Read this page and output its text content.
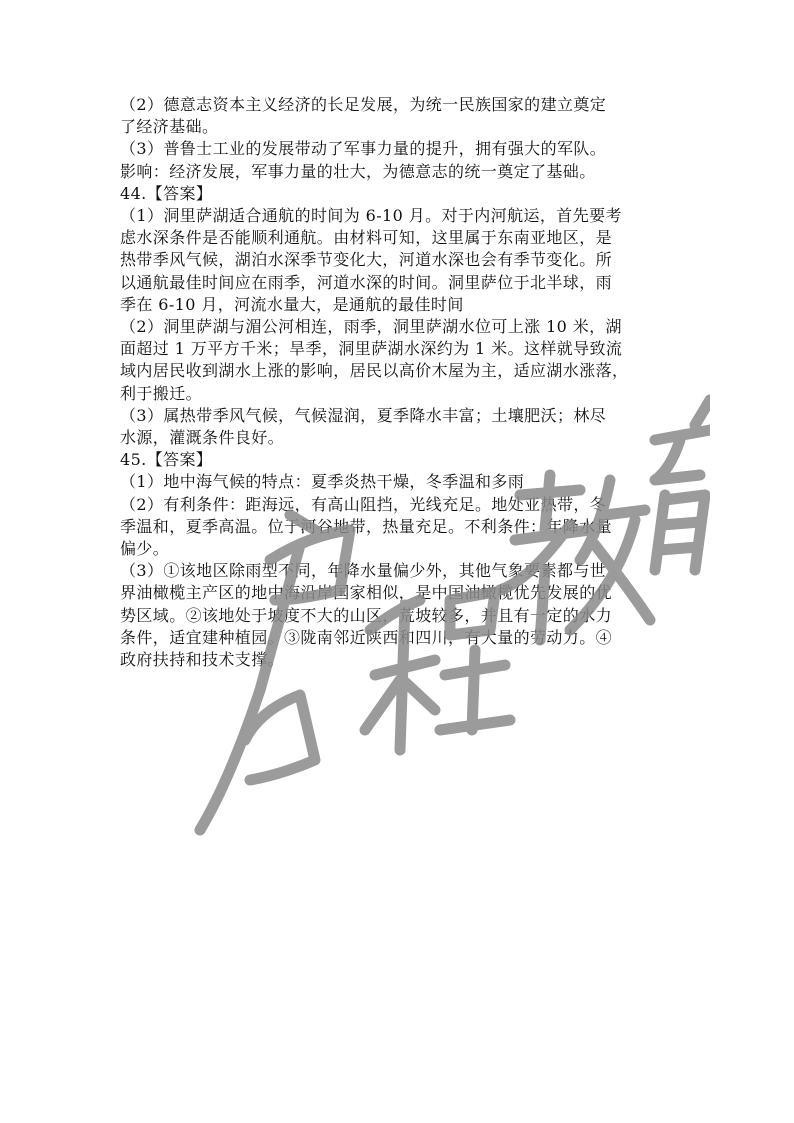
（2）德意志资本主义经济的长足发展，为统一民族国家的建立奠定

了经济基础。

（3）普鲁士工业的发展带动了军事力量的提升，拥有强大的军队。

影响：经济发展，军事力量的壮大，为德意志的统一奠定了基础。

44.【答案】

（1）洞里萨湖适合通航的时间为 6-10 月。对于内河航运，首先要考

虑水深条件是否能顺利通航。由材料可知，这里属于东南亚地区，是

热带季风气候，湖泊水深季节变化大，河道水深也会有季节变化。所

以通航最佳时间应在雨季，河道水深的时间。洞里萨位于北半球，雨

季在 6-10 月，河流水量大，是通航的最佳时间

（2）洞里萨湖与湄公河相连，雨季，洞里萨湖水位可上涨 10 米，湖

面超过 1 万平方千米；旱季，洞里萨湖水深约为 1 米。这样就导致流

域内居民收到湖水上涨的影响，居民以高价木屋为主，适应湖水涨落，

利于搬迁。

（3）属热带季风气候，气候湿润，夏季降水丰富；土壤肥沃；林尽

水源，灌溉条件良好。

45.【答案】

（1）地中海气候的特点：夏季炎热干燥，冬季温和多雨

（2）有利条件：距海远，有高山阻挡，光线充足。地处亚热带，冬

季温和，夏季高温。位于河谷地带，热量充足。不利条件：年降水量

偏少。

（3）①该地区除雨型不同，年降水量偏少外，其他气象要素都与世

界油橄榄主产区的地中海沿岸国家相似，是中国油橄榄优先发展的优

势区域。②该地处于坡度不大的山区，荒坡较多，并且有一定的水力

条件，适宜建种植园。③陇南邻近陕西和四川，有大量的劳动力。④

政府扶持和技术支撑。
